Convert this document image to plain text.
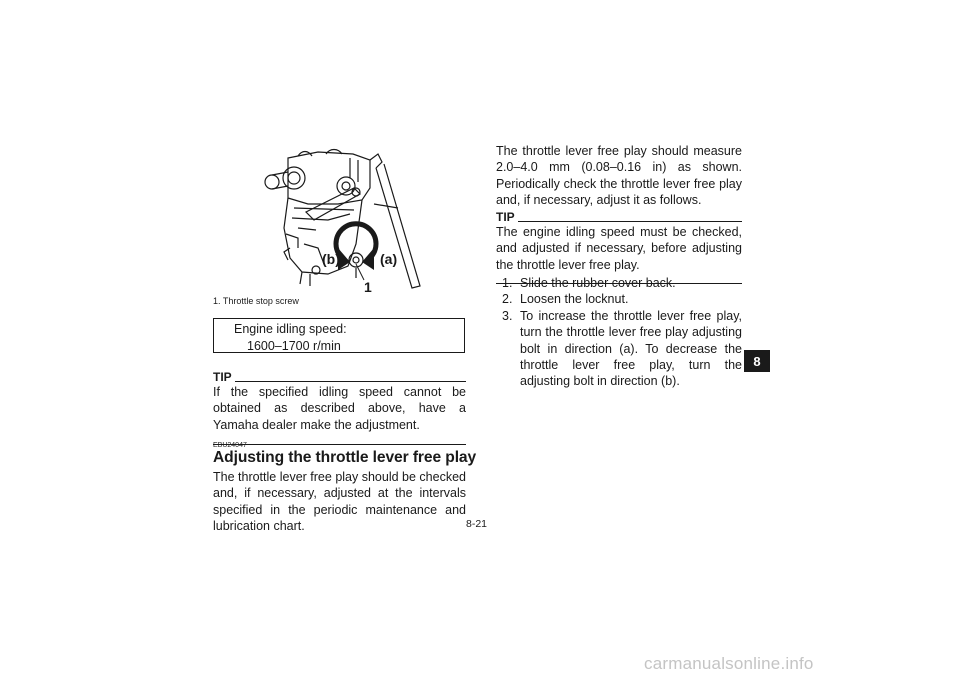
(b)	(a)
1
1. Throttle stop screw
Engine idling speed:
1600–1700 r/min
TIP
If the specified idling speed cannot be obtained as described above, have a Yamaha dealer make the adjustment.
EBU24047
Adjusting the throttle lever free play
The throttle lever free play should be checked and, if necessary, adjusted at the intervals specified in the periodic maintenance and lubrication chart.
The throttle lever free play should measure 2.0–4.0 mm (0.08–0.16 in) as shown. Periodically check the throttle lever free play and, if necessary, adjust it as follows.
TIP
The engine idling speed must be checked, and adjusted if necessary, before adjusting the throttle lever free play.
1. Slide the rubber cover back.
2. Loosen the locknut.
3. To increase the throttle lever free play, turn the throttle lever free play adjusting bolt in direction (a). To decrease the throttle lever free play, turn the adjusting bolt in direction (b).
8-21
8
carmanualsonline.info
